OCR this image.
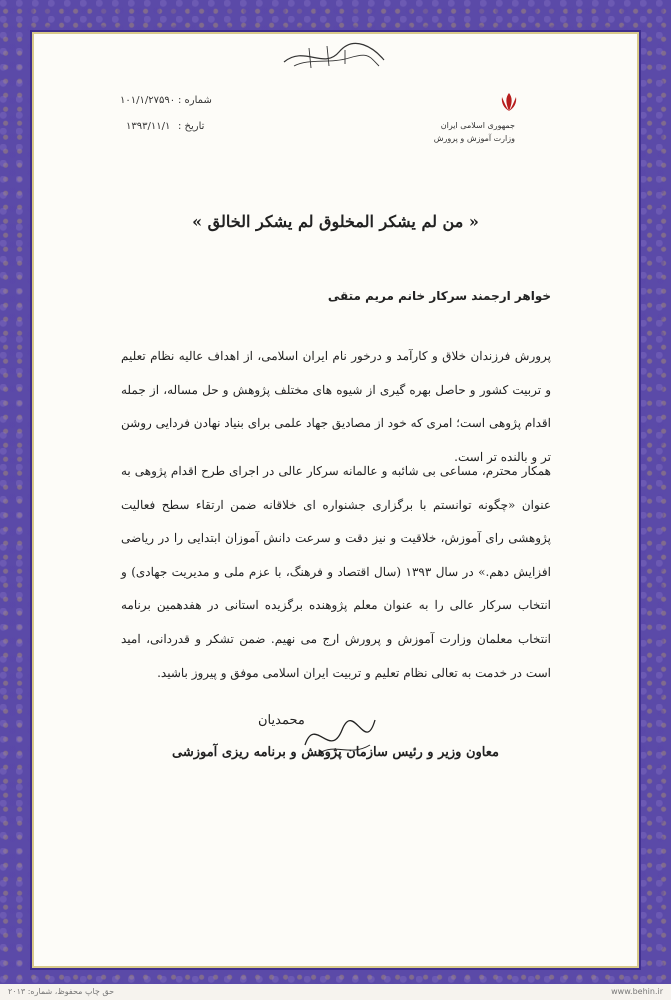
جمهوری اسلامی ایران
وزارت آموزش و پرورش
شماره :
۱۰۱/۱/۲۷۵۹۰
تاریخ :
۱۳۹۳/۱۱/۱
« من لم یشکر المخلوق لم یشکر الخالق »
خواهر ارجمند سرکار خانم مریم متقی
پرورش فرزندان خلاق و کارآمد و درخور نام ایران اسلامی، از اهداف عالیه نظام تعلیم و تربیت کشور و حاصل بهره گیری از شیوه های مختلف پژوهش و حل مساله، از جمله اقدام پژوهی است؛ امری که خود از مصادیق جهاد علمی برای بنیاد نهادن فردایی روشن تر و بالنده تر است.
همکار محترم، مساعی بی شائبه و عالمانه سرکار عالی در اجرای طرح اقدام پژوهی به عنوان «چگونه توانستم با برگزاری جشنواره ای خلاقانه ضمن ارتقاء سطح فعالیت پژوهشی رای آموزش، خلاقیت و نیز دقت و سرعت دانش آموزان ابتدایی را در ریاضی افزایش دهم.» در سال ۱۳۹۳ (سال اقتصاد و فرهنگ، با عزم ملی و مدیریت جهادی) و انتخاب سرکار عالی را به عنوان معلم پژوهنده برگزیده استانی در هفدهمین برنامه انتخاب معلمان وزارت آموزش و پرورش ارج می نهیم. ضمن تشکر و قدردانی، امید است در خدمت به تعالی نظام تعلیم و تربیت ایران اسلامی موفق و پیروز باشید.
محمدیان
معاون وزیر و رئیس سازمان پژوهش و برنامه ریزی آموزشی
حق چاپ محفوظ، شماره: ۲۰۱۳	www.behin.ir
